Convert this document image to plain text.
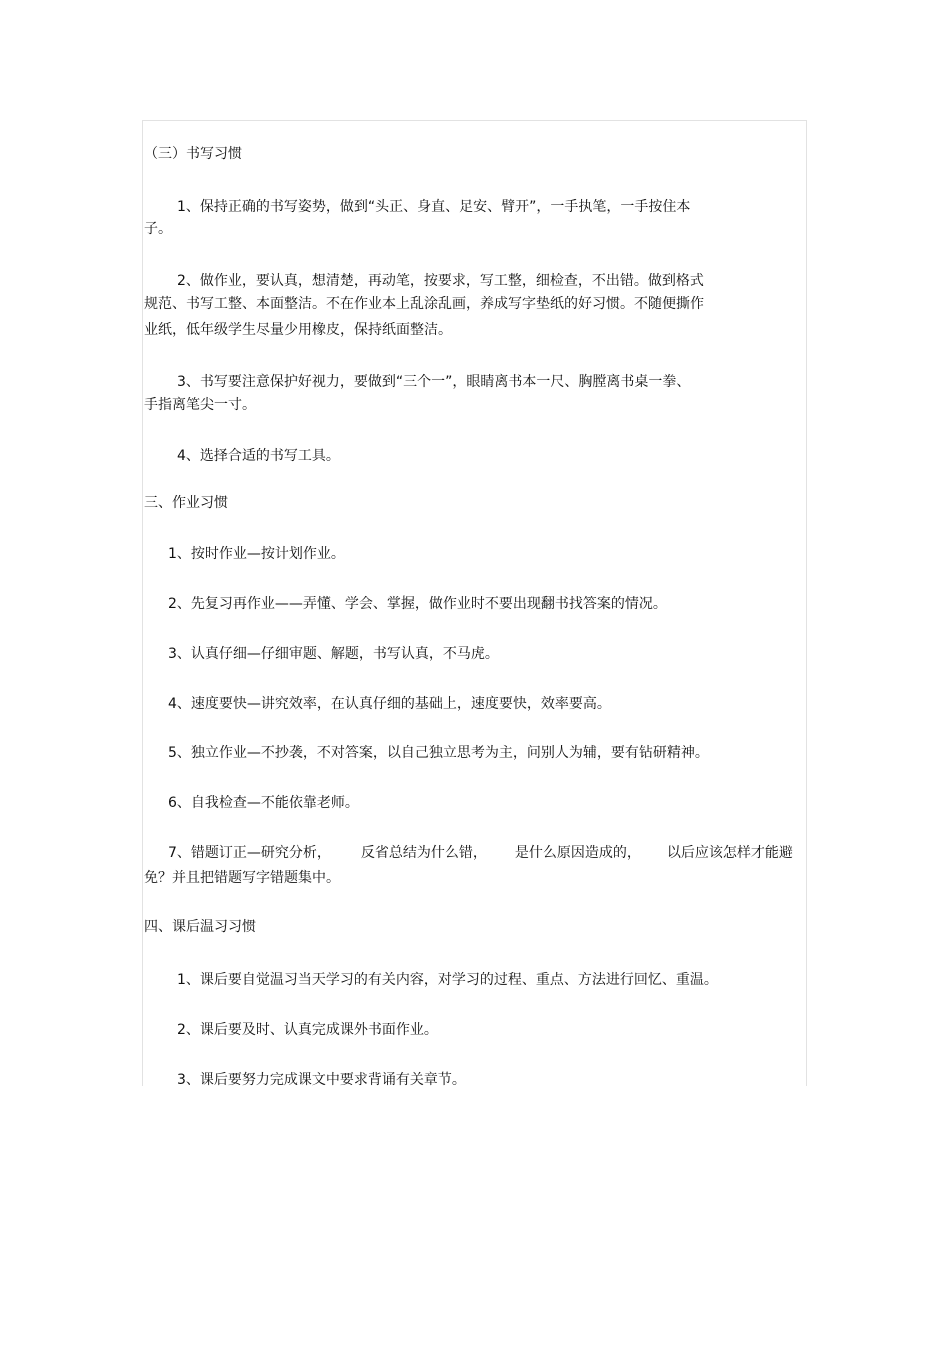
（三）书写习惯
1、保持正确的书写姿势，做到“头正、身直、足安、臂开”，一手执笔，一手按住本
子。
2、做作业，要认真，想清楚，再动笔，按要求，写工整，细检查，不出错。做到格式
规范、书写工整、本面整洁。不在作业本上乱涂乱画，养成写字垫纸的好习惯。不随便撕作
业纸，低年级学生尽量少用橡皮，保持纸面整洁。
3、书写要注意保护好视力，要做到“三个一”，眼睛离书本一尺、胸膛离书桌一拳、
手指离笔尖一寸。
4、选择合适的书写工具。
三、作业习惯
1、按时作业—按计划作业。
2、先复习再作业——弄懂、学会、掌握，做作业时不要出现翻书找答案的情况。
3、认真仔细—仔细审题、解题，书写认真，不马虎。
4、速度要快—讲究效率，在认真仔细的基础上，速度要快，效率要高。
5、独立作业—不抄袭，不对答案，以自己独立思考为主，问别人为辅，要有钻研精神。
6、自我检查—不能依靠老师。
7、错题订正—研究分析， 反省总结为什么错， 是什么原因造成的， 以后应该怎样才能避
免？并且把错题写字错题集中。
四、课后温习习惯
1、课后要自觉温习当天学习的有关内容，对学习的过程、重点、方法进行回忆、重温。
2、课后要及时、认真完成课外书面作业。
3、课后要努力完成课文中要求背诵有关章节。
